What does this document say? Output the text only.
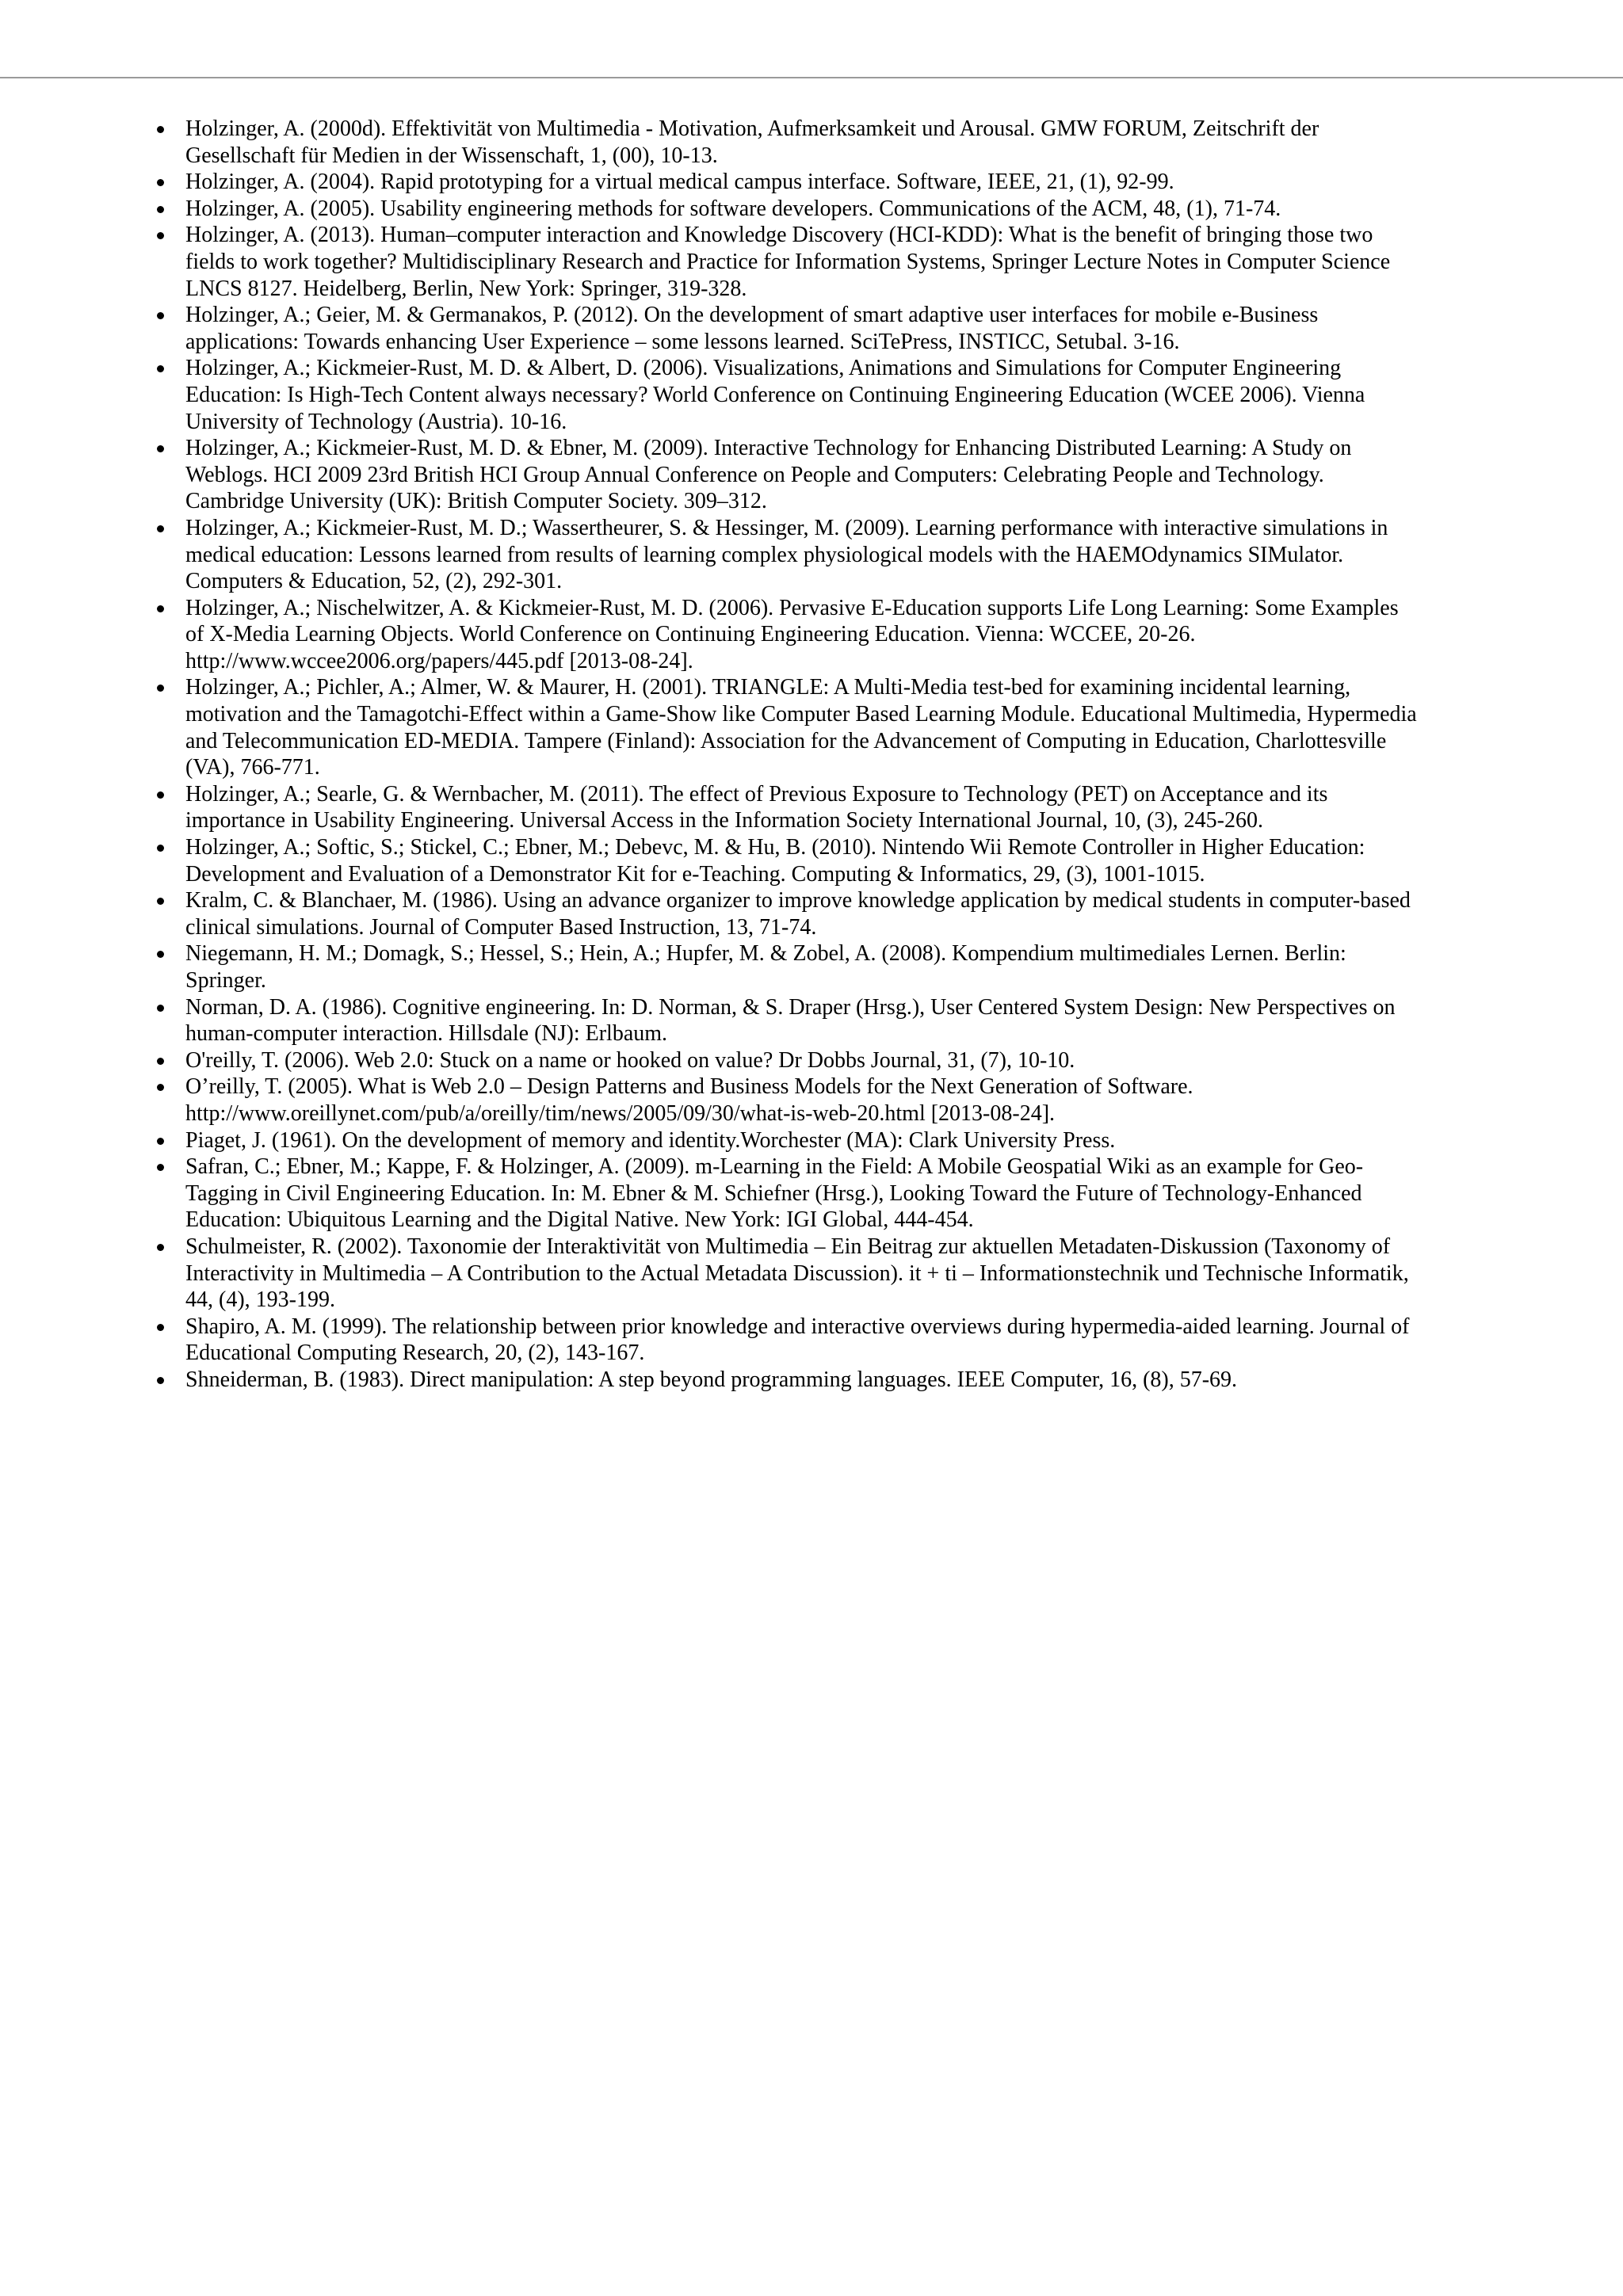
Holzinger, A. (2000d). Effektivität von Multimedia - Motivation, Aufmerksamkeit und Arousal. GMW FORUM, Zeitschrift der Gesellschaft für Medien in der Wissenschaft, 1, (00), 10-13.
Holzinger, A. (2004). Rapid prototyping for a virtual medical campus interface. Software, IEEE, 21, (1), 92-99.
Holzinger, A. (2005). Usability engineering methods for software developers. Communications of the ACM, 48, (1), 71-74.
Holzinger, A. (2013). Human–computer interaction and Knowledge Discovery (HCI-KDD): What is the benefit of bringing those two fields to work together? Multidisciplinary Research and Practice for Information Systems, Springer Lecture Notes in Computer Science LNCS 8127. Heidelberg, Berlin, New York: Springer, 319-328.
Holzinger, A.; Geier, M. & Germanakos, P. (2012). On the development of smart adaptive user interfaces for mobile e-Business applications: Towards enhancing User Experience – some lessons learned. SciTePress, INSTICC, Setubal. 3-16.
Holzinger, A.; Kickmeier-Rust, M. D. & Albert, D. (2006). Visualizations, Animations and Simulations for Computer Engineering Education: Is High-Tech Content always necessary? World Conference on Continuing Engineering Education (WCEE 2006). Vienna University of Technology (Austria). 10-16.
Holzinger, A.; Kickmeier-Rust, M. D. & Ebner, M. (2009). Interactive Technology for Enhancing Distributed Learning: A Study on Weblogs. HCI 2009 23rd British HCI Group Annual Conference on People and Computers: Celebrating People and Technology. Cambridge University (UK): British Computer Society. 309–312.
Holzinger, A.; Kickmeier-Rust, M. D.; Wassertheurer, S. & Hessinger, M. (2009). Learning performance with interactive simulations in medical education: Lessons learned from results of learning complex physiological models with the HAEMOdynamics SIMulator. Computers & Education, 52, (2), 292-301.
Holzinger, A.; Nischelwitzer, A. & Kickmeier-Rust, M. D. (2006). Pervasive E-Education supports Life Long Learning: Some Examples of X-Media Learning Objects. World Conference on Continuing Engineering Education. Vienna: WCCEE, 20-26. http://www.wccee2006.org/papers/445.pdf [2013-08-24].
Holzinger, A.; Pichler, A.; Almer, W. & Maurer, H. (2001). TRIANGLE: A Multi-Media test-bed for examining incidental learning, motivation and the Tamagotchi-Effect within a Game-Show like Computer Based Learning Module. Educational Multimedia, Hypermedia and Telecommunication ED-MEDIA. Tampere (Finland): Association for the Advancement of Computing in Education, Charlottesville (VA), 766-771.
Holzinger, A.; Searle, G. & Wernbacher, M. (2011). The effect of Previous Exposure to Technology (PET) on Acceptance and its importance in Usability Engineering. Universal Access in the Information Society International Journal, 10, (3), 245-260.
Holzinger, A.; Softic, S.; Stickel, C.; Ebner, M.; Debevc, M. & Hu, B. (2010). Nintendo Wii Remote Controller in Higher Education: Development and Evaluation of a Demonstrator Kit for e-Teaching. Computing & Informatics, 29, (3), 1001-1015.
Kralm, C. & Blanchaer, M. (1986). Using an advance organizer to improve knowledge application by medical students in computer-based clinical simulations. Journal of Computer Based Instruction, 13, 71-74.
Niegemann, H. M.; Domagk, S.; Hessel, S.; Hein, A.; Hupfer, M. & Zobel, A. (2008). Kompendium multimediales Lernen. Berlin: Springer.
Norman, D. A. (1986). Cognitive engineering. In: D. Norman, & S. Draper (Hrsg.), User Centered System Design: New Perspectives on human-computer interaction. Hillsdale (NJ): Erlbaum.
O'reilly, T. (2006). Web 2.0: Stuck on a name or hooked on value? Dr Dobbs Journal, 31, (7), 10-10.
O’reilly, T. (2005). What is Web 2.0 – Design Patterns and Business Models for the Next Generation of Software. http://www.oreillynet.com/pub/a/oreilly/tim/news/2005/09/30/what-is-web-20.html [2013-08-24].
Piaget, J. (1961). On the development of memory and identity.Worchester (MA): Clark University Press.
Safran, C.; Ebner, M.; Kappe, F. & Holzinger, A. (2009). m-Learning in the Field: A Mobile Geospatial Wiki as an example for Geo-Tagging in Civil Engineering Education. In: M. Ebner & M. Schiefner (Hrsg.), Looking Toward the Future of Technology-Enhanced Education: Ubiquitous Learning and the Digital Native. New York: IGI Global, 444-454.
Schulmeister, R. (2002). Taxonomie der Interaktivität von Multimedia – Ein Beitrag zur aktuellen Metadaten-Diskussion (Taxonomy of Interactivity in Multimedia – A Contribution to the Actual Metadata Discussion). it + ti – Informationstechnik und Technische Informatik, 44, (4), 193-199.
Shapiro, A. M. (1999). The relationship between prior knowledge and interactive overviews during hypermedia-aided learning. Journal of Educational Computing Research, 20, (2), 143-167.
Shneiderman, B. (1983). Direct manipulation: A step beyond programming languages. IEEE Computer, 16, (8), 57-69.
